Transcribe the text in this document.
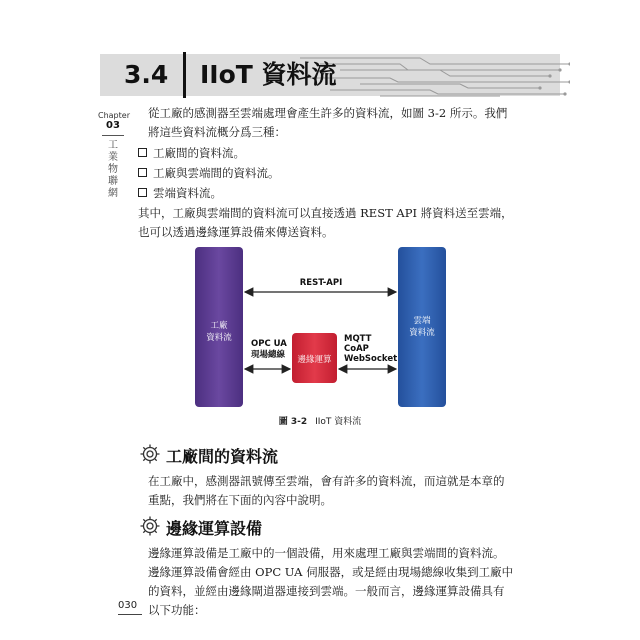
3.4 IIoT 資料流
Chapter
03
工業物聯網
從工廠的感測器至雲端處理會產生許多的資料流，如圖 3-2 所示。我們將這些資料流概分爲三種：
工廠間的資料流。
工廠與雲端間的資料流。
雲端資料流。
其中，工廠與雲端間的資料流可以直接透過 REST API 將資料送至雲端，也可以透過邊緣運算設備來傳送資料。
工廠
資料流
雲端
資料流
邊緣運算
REST-API
OPC UA
現場總線
MQTT
CoAP
WebSocket
圖 3-2 IIoT 資料流
工廠間的資料流
在工廠中，感測器訊號傳至雲端，會有許多的資料流，而這就是本章的重點，我們將在下面的內容中說明。
邊緣運算設備
邊緣運算設備是工廠中的一個設備，用來處理工廠與雲端間的資料流。邊緣運算設備會經由 OPC UA 伺服器，或是經由現場總線收集到工廠中的資料，並經由邊緣閘道器連接到雲端。一般而言，邊緣運算設備具有以下功能：
030
